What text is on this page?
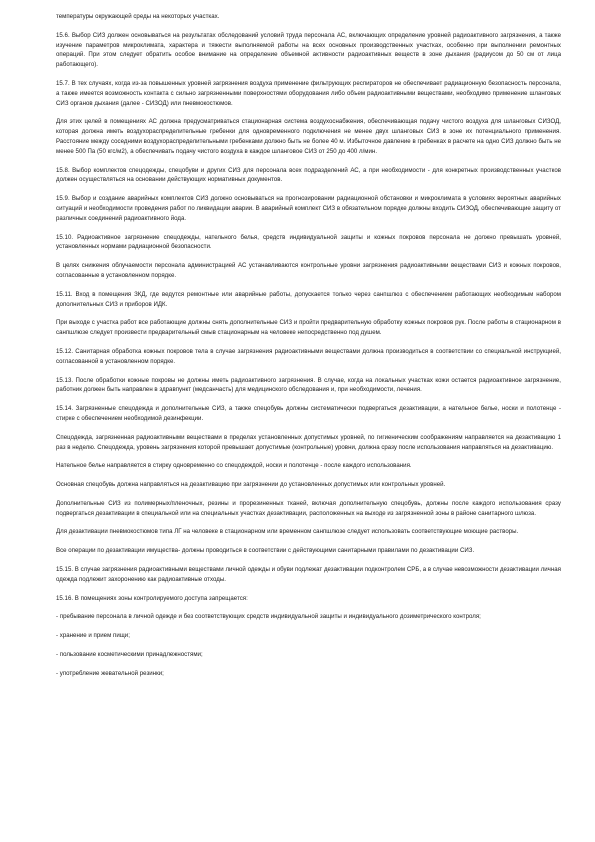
температуры окружающей среды на некоторых участках.

15.6. Выбор СИЗ должен основываться на результатах обследований условий труда персонала АС, включающих определение уровней радиоактивного загрязнения, а также изучение параметров микроклимата, характера и тяжести выполняемой работы на всех основных производственных участках, особенно при выполнении ремонтных операций. При этом следует обратить особое внимание на определение объемной активности радиоактивных веществ в зоне дыхания (радиусом до 50 см от лица работающего).

15.7. В тех случаях, когда из-за повышенных уровней загрязнения воздуха применение фильтрующих респираторов не обеспечивает радиационную безопасность персонала, а также имеется возможность контакта с сильно загрязненными поверхностями оборудования либо объем радиоактивными веществами, необходимо применение шланговых СИЗ органов дыхания (далее - СИЗОД) или пневмокостюмов.

Для этих целей в помещениях АС должна предусматриваться стационарная система воздухоснабжения, обеспечивающая подачу чистого воздуха для шланговых СИЗОД, которая должна иметь воздухораспределительные гребенки для одновременного подключения не менее двух шланговых СИЗ в зоне их потенциального применения. Расстояние между соседними воздухораспределительными гребенками должно быть не более 40 м. Избыточное давление в гребенках в расчете на одно СИЗ должно быть не менее 500 Па (50 кгс/м2), а обеспечивать подачу чистого воздуха в каждое шланговое СИЗ от 250 до 400 л/мин.

15.8. Выбор комплектов спецодежды, спецобуви и других СИЗ для персонала всех подразделений АС, а при необходимости - для конкретных производственных участков должен осуществляться на основании действующих нормативных документов.

15.9. Выбор и создание аварийных комплектов СИЗ должно основываться на прогнозировании радиационной обстановки и микроклимата в условиях вероятных аварийных ситуаций и необходимости проведения работ по ликвидации аварии. В аварийный комплект СИЗ в обязательном порядке должны входить СИЗОД, обеспечивающие защиту от различных соединений радиоактивного йода.

15.10. Радиоактивное загрязнение спецодежды, нательного белья, средств индивидуальной защиты и кожных покровов персонала не должно превышать уровней, установленных нормами радиационной безопасности.

В целях снижения облучаемости персонала администрацией АС устанавливаются контрольные уровни загрязнения радиоактивными веществами СИЗ и кожных покровов, согласованные в установленном порядке.

15.11. Вход в помещения ЗКД, где ведутся ремонтные или аварийные работы, допускается только через санпшлюз с обеспечением работающих необходимым набором дополнительных СИЗ и приборов ИДК.

При выходе с участка работ все работающие должны снять дополнительные СИЗ и пройти предварительную обработку кожных покровов рук. После работы в стационарном в санпшлюзе следует произвести предварительный смыв стационарным на человеке непосредственно под душем.

15.12. Санитарная обработка кожных покровов тела в случае загрязнения радиоактивными веществами должна производиться в соответствии со специальной инструкцией, согласованной в установленном порядке.

15.13. После обработки кожные покровы не должны иметь радиоактивного загрязнения. В случае, когда на локальных участках кожи остается радиоактивное загрязнение, работник должен быть направлен в здравпункт (медсанчасть) для медицинского обследования и, при необходимости, лечения.

15.14. Загрязненные спецодежда и дополнительные СИЗ, а также спецобувь должны систематически подвергаться дезактивации, а нательное белье, носки и полотенце - стирке с обеспечением необходимой дезинфекции.

Спецодежда, загрязненная радиоактивными веществами в пределах установленных допустимых уровней, по гигиеническим соображениям направляется на дезактивацию 1 раз в неделю. Спецодежда, уровень загрязнения которой превышает допустимые (контрольные) уровни, должна сразу после использования направляться на дезактивацию.

Нательное белье направляется в стирку одновременно со спецодеждой, носки и полотенце - после каждого использования.

Основная спецобувь должна направляться на дезактивацию при загрязнении до установленных допустимых или контрольных уровней.

Дополнительные СИЗ из полимерных/пленочных, резины и прорезиненных тканей, включая дополнительную спецобувь, должны после каждого использования сразу подвергаться дезактивации в специальной или на специальных участках дезактивации, расположенных на выходе из загрязненной зоны в районе санитарного шлюза.

Для дезактивации пневмокостюмов типа ЛГ на человеке в стационарном или временном санпшлюзе следует использовать соответствующие моющие растворы.

Все операции по дезактивации имущества- должны проводиться в соответствии с действующими санитарными правилами по дезактивации СИЗ.

15.15. В случае загрязнения радиоактивными веществами личной одежды и обуви подлежат дезактивации подконтролем СРБ, а в случае невозможности дезактивации личная одежда подлежит захоронению как радиоактивные отходы.

15.16. В помещениях зоны контролируемого доступа запрещается:

- пребывание персонала в личной одежде и без соответствующих средств индивидуальной защиты и индивидуального дозиметрического контроля;

- хранение и прием пищи;

- пользование косметическими принадлежностями;

- употребление жевательной резинки;
